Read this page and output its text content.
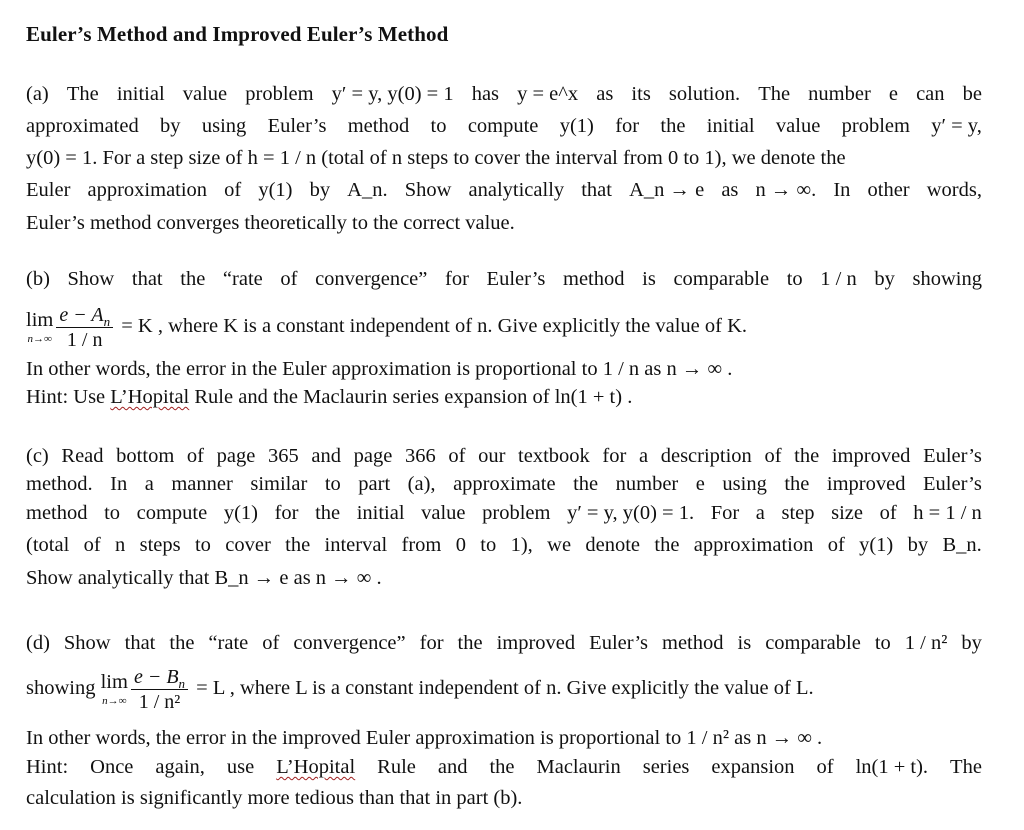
Euler’s Method and Improved Euler’s Method
(a) The initial value problem y′ = y, y(0) = 1 has y = e^x as its solution. The number e can be
approximated by using Euler’s method to compute y(1) for the initial value problem y′ = y,
y(0) = 1. For a step size of h = 1 / n (total of n steps to cover the interval from 0 to 1), we denote the
Euler approximation of y(1) by A_n. Show analytically that A_n → e as n → ∞. In other words,
Euler’s method converges theoretically to the correct value.
(b) Show that the “rate of convergence” for Euler’s method is comparable to 1 / n by showing
lim
$n\to\infty \frac{e - A_n}{1 / n} = K$ , where K is a constant independent of n. Give explicitly the value of K.
In other words, the error in the Euler approximation is proportional to 1 / n as n → ∞ .
Hint: Use L’Hopital Rule and the Maclaurin series expansion of ln(1 + t) .
(c) Read bottom of page 365 and page 366 of our textbook for a description of the improved Euler’s
method. In a manner similar to part (a), approximate the number e using the improved Euler’s
method to compute y(1) for the initial value problem y′ = y, y(0) = 1. For a step size of h = 1 / n
(total of n steps to cover the interval from 0 to 1), we denote the approximation of y(1) by B_n.
Show analytically that B_n → e as n → ∞ .
(d) Show that the “rate of convergence” for the improved Euler’s method is comparable to 1 / n² by
showing lim
$n\to\infty \frac{e - B_n}{\text{1 / n²}} = L$ , where L is a constant independent of n. Give explicitly the value of L.
In other words, the error in the improved Euler approximation is proportional to 1 / n² as n → ∞ .
Hint: Once again, use L’Hopital Rule and the Maclaurin series expansion of ln(1 + t). The
calculation is significantly more tedious than that in part (b).
